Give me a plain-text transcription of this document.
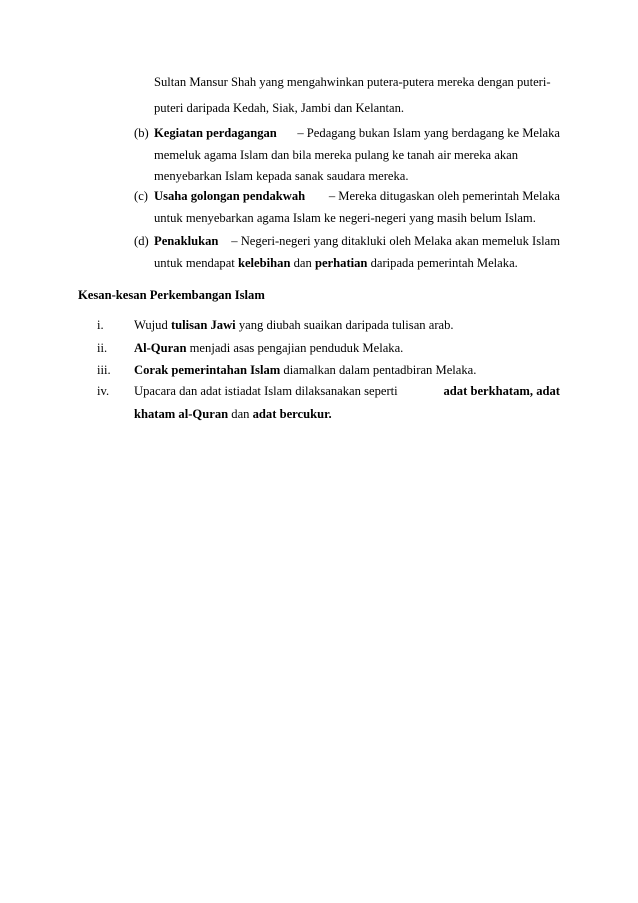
Sultan Mansur Shah yang mengahwinkan putera-putera mereka dengan puteri-
puteri daripada Kedah, Siak, Jambi dan Kelantan.
(b) Kegiatan perdagangan – Pedagang bukan Islam yang berdagang ke Melaka
memeluk agama Islam dan bila mereka pulang ke tanah air mereka akan
menyebarkan Islam kepada sanak saudara mereka.
(c) Usaha golongan pendakwah – Mereka ditugaskan oleh pemerintah Melaka
untuk menyebarkan agama Islam ke negeri-negeri yang masih belum Islam.
(d) Penaklukan – Negeri-negeri yang ditakluki oleh Melaka akan memeluk Islam
untuk mendapat kelebihan dan perhatian daripada pemerintah Melaka.
Kesan-kesan Perkembangan Islam
i. Wujud tulisan Jawi yang diubah suaikan daripada tulisan arab.
ii. Al-Quran menjadi asas pengajian penduduk Melaka.
iii. Corak pemerintahan Islam diamalkan dalam pentadbiran Melaka.
iv. Upacara dan adat istiadat Islam dilaksanakan seperti	adat berkhatam, adat
khatam al-Quran dan adat bercukur.
